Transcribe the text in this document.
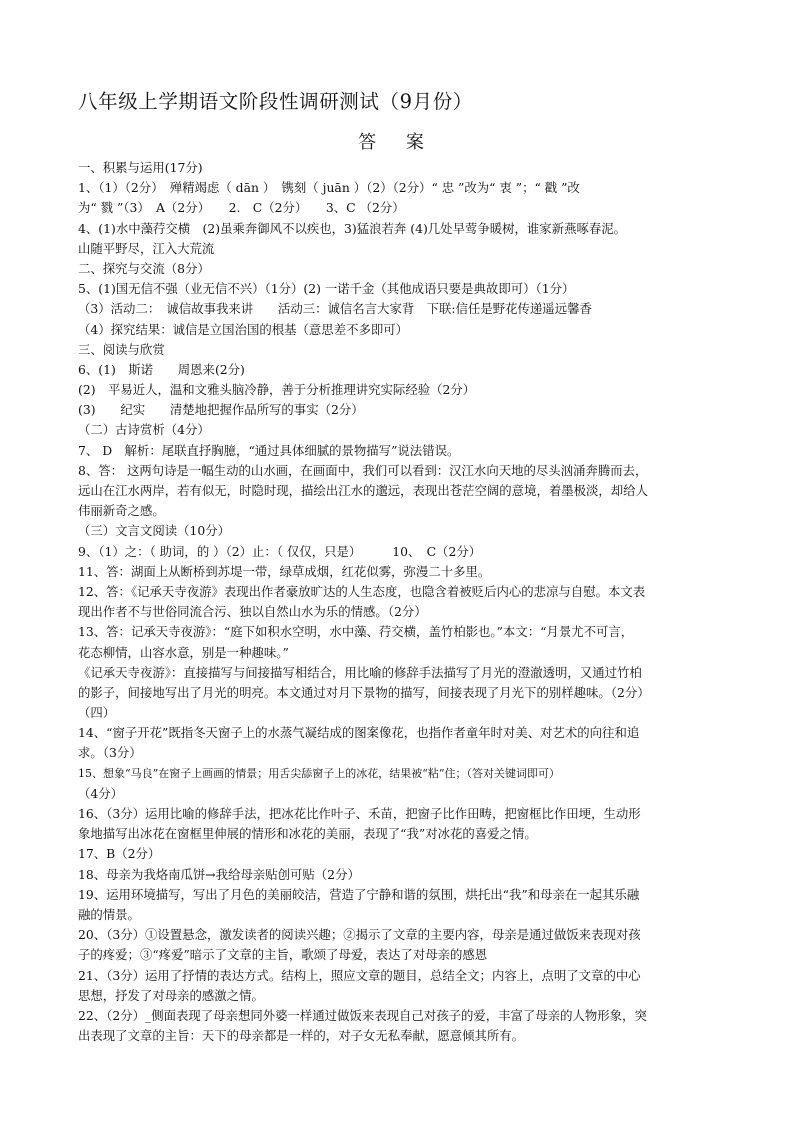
八年级上学期语文阶段性调研测试（9月份）
答 案
一、积累与运用(17分)
1、（1）（2分）　殚精竭虑（ dān ）　镌刻（ juān ）（2）（2分）“ 忠 ”改为“ 衷 ”；“ 戳 ”改
为“ 戮 ”（3）　A（2分）　　2.　C（2分）　　3、C （2分）
4、(1)水中藻荇交横　(2)虽乘奔御风不以疾也，3)猛浪若奔 (4)几处早莺争暖树，谁家新燕啄春泥。
山随平野尽，江入大荒流
二、探究与交流（8分）
5、(1)国无信不强（业无信不兴）（1分）(2) 一诺千金（其他成语只要是典故即可）（1分）
（3）活动二：　诚信故事我来讲　　活动三：诚信名言大家背　下联:信任是野花传递遥远馨香
（4）探究结果：诚信是立国治国的根基（意思差不多即可）
三、阅读与欣赏
6、(1)　斯诺　　周恩来(2分)
(2)　平易近人，温和文雅头脑冷静，善于分析推理讲究实际经验（2分）
(3)　　纪实　　清楚地把握作品所写的事实（2分）
（二）古诗赏析（4分）
7、 D　解析：尾联直抒胸臆，“通过具体细腻的景物描写”说法错误。
8、答： 这两句诗是一幅生动的山水画，在画面中，我们可以看到：汉江水向天地的尽头汹涌奔腾而去，
远山在江水两岸，若有似无，时隐时现，描绘出江水的邈远，表现出苍茫空阔的意境，着墨极淡，却给人
伟丽新奇之感。
（三）文言文阅读（10分）
9、（1）之：（ 助词，的 ）（2）止：（ 仅仅，只是）　　　10、　C（2分）
11、答：湖面上从断桥到苏堤一带，绿草成烟，红花似雾，弥漫二十多里。
12、答：《记承天寺夜游》表现出作者豪放旷达的人生态度，也隐含着被贬后内心的悲凉与自慰。本文表
现出作者不与世俗同流合污、独以自然山水为乐的情感。（2分）
13、答：记承天寺夜游》：“庭下如积水空明，水中藻、荇交横，盖竹柏影也。”本文：“月景尤不可言，
花态柳情，山容水意，别是一种趣味。”
《记承天寺夜游》：直接描写与间接描写相结合，用比喻的修辞手法描写了月光的澄澈透明，又通过竹柏
的影子，间接地写出了月光的明亮。本文通过对月下景物的描写，间接表现了月光下的别样趣味。（2分）
（四）
14、“窗子开花”既指冬天窗子上的水蒸气凝结成的图案像花，也指作者童年时对美、对艺术的向往和追
求。（3分）
15、想象“马良”在窗子上画画的情景；用舌尖舔窗子上的冰花，结果被“粘”住；（答对关键词即可）
（4分）
16、（3分）运用比喻的修辞手法，把冰花比作叶子、禾苗，把窗子比作田畴，把窗框比作田埂，生动形
象地描写出冰花在窗框里伸展的情形和冰花的美丽，表现了“我”对冰花的喜爱之情。
17、B（2分）
18、母亲为我烙南瓜饼→我给母亲贴创可贴（2分）
19、运用环境描写，写出了月色的美丽皎洁，营造了宁静和谐的氛围，烘托出“我”和母亲在一起其乐融
融的情景。
20、（3分）①设置悬念，激发读者的阅读兴趣；②揭示了文章的主要内容，母亲是通过做饭来表现对孩
子的疼爱；③“疼爱”暗示了文章的主旨，歌颂了母爱，表达了对母亲的感恩
21、（3分）运用了抒情的表达方式。结构上，照应文章的题目，总结全文；内容上，点明了文章的中心
思想，抒发了对母亲的感激之情。
22、（2分）_侧面表现了母亲想同外婆一样通过做饭来表现自己对孩子的爱，丰富了母亲的人物形象，突
出表现了文章的主旨：天下的母亲都是一样的，对子女无私奉献，愿意倾其所有。
